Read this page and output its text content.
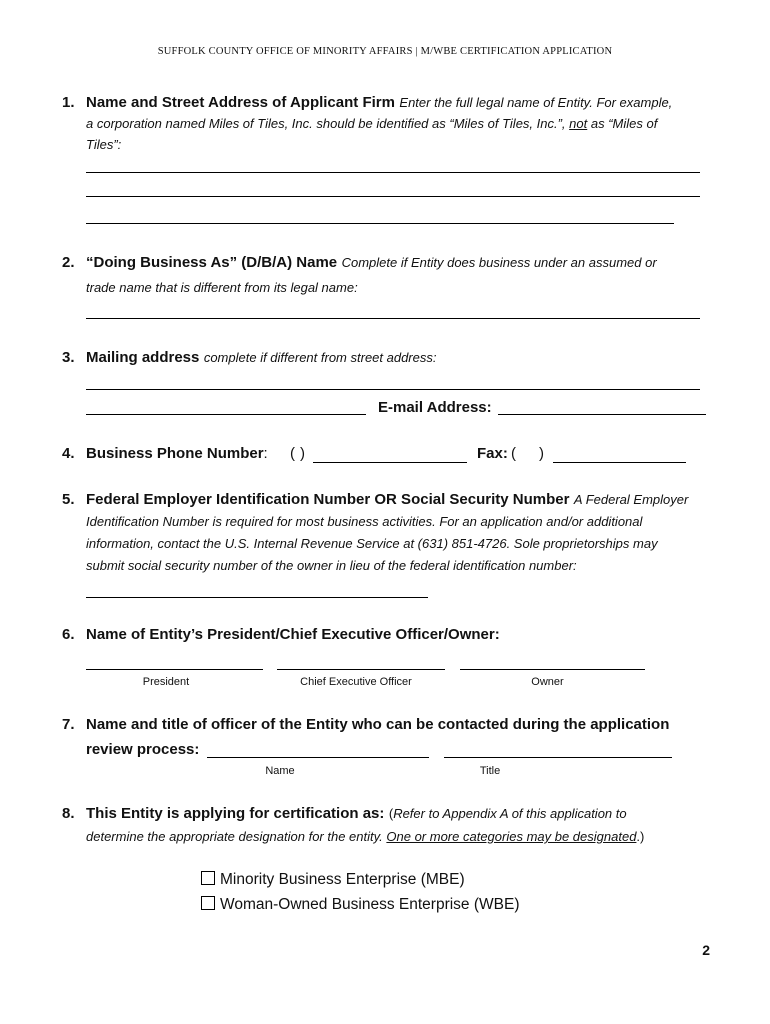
SUFFOLK COUNTY OFFICE OF MINORITY AFFAIRS | M/WBE CERTIFICATION APPLICATION
1. Name and Street Address of Applicant Firm Enter the full legal name of Entity. For example,
a corporation named Miles of Tiles, Inc. should be identified as “Miles of Tiles, Inc.”, not as “Miles of
Tiles”:
2. “Doing Business As” (D/B/A) Name Complete if Entity does business under an assumed or
trade name that is different from its legal name:
3. Mailing address complete if different from street address:
E-mail Address:
4. Business Phone Number:	( )	Fax: ( )
5. Federal Employer Identification Number OR Social Security Number A Federal Employer
Identification Number is required for most business activities. For an application and/or additional
information, contact the U.S. Internal Revenue Service at (631) 851-4726. Sole proprietorships may
submit social security number of the owner in lieu of the federal identification number:
6. Name of Entity’s President/Chief Executive Officer/Owner:
President	Chief Executive Officer	Owner
7. Name and title of officer of the Entity who can be contacted during the application
review process:
Name	Title
8. This Entity is applying for certification as: (Refer to Appendix A of this application to
determine the appropriate designation for the entity. One or more categories may be designated.)
Minority Business Enterprise (MBE)
Woman-Owned Business Enterprise (WBE)
2
